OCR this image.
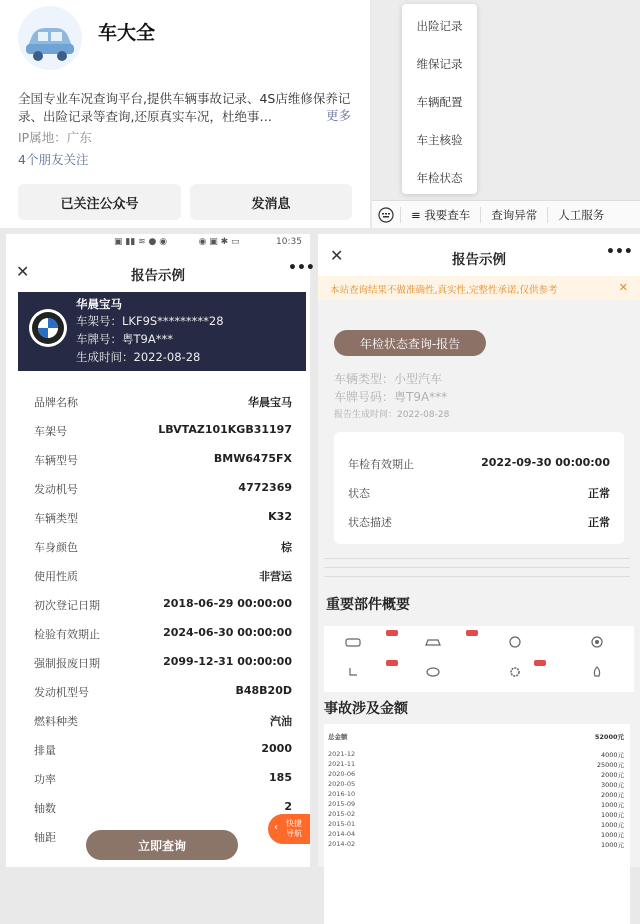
车大全
全国专业车况查询平台,提供车辆事故记录、4S店维修保养记录、出险记录等查询,还原真实车况，杜绝事…	更多
IP属地：广东
4个朋友关注
已关注公众号	发消息
出险记录
维保记录
车辆配置
车主核验
年检状态
≡ 我要查车	查询异常	人工服务
▣ ▮▮ ≋ ● ◉           ◉ ▣ ✱ ▭	10:35
✕	报告示例	•••
华晨宝马
车架号：LKF9S*********28
车牌号：粤T9A***
生成时间：2022-08-28
品牌名称	华晨宝马
车架号	LBVTAZ101KGB31197
车辆型号	BMW6475FX
发动机号	4772369
车辆类型	K32
车身颜色	棕
使用性质	非营运
初次登记日期	2018-06-29 00:00:00
检验有效期止	2024-06-30 00:00:00
强制报废日期	2099-12-31 00:00:00
发动机型号	B48B20D
燃料种类	汽油
排量	2000
功率	185
轴数	2
轴距
立即查询
‹ 快捷
导航
✕	报告示例	•••
本站查询结果不做准确性,真实性,完整性承诺,仅供参考	✕
年检状态查询-报告
车辆类型：小型汽车
车牌号码：粤T9A***
报告生成时间：2022-08-28
年检有效期止	2022-09-30 00:00:00
状态	正常
状态描述	正常
重要部件概要
事故涉及金额
总金额	52000元
2021-12	4000元
2021-11	25000元
2020-06	2000元
2020-05	3000元
2016-10	2000元
2015-09	1000元
2015-02	1000元
2015-01	1000元
2014-04	1000元
2014-02	1000元
